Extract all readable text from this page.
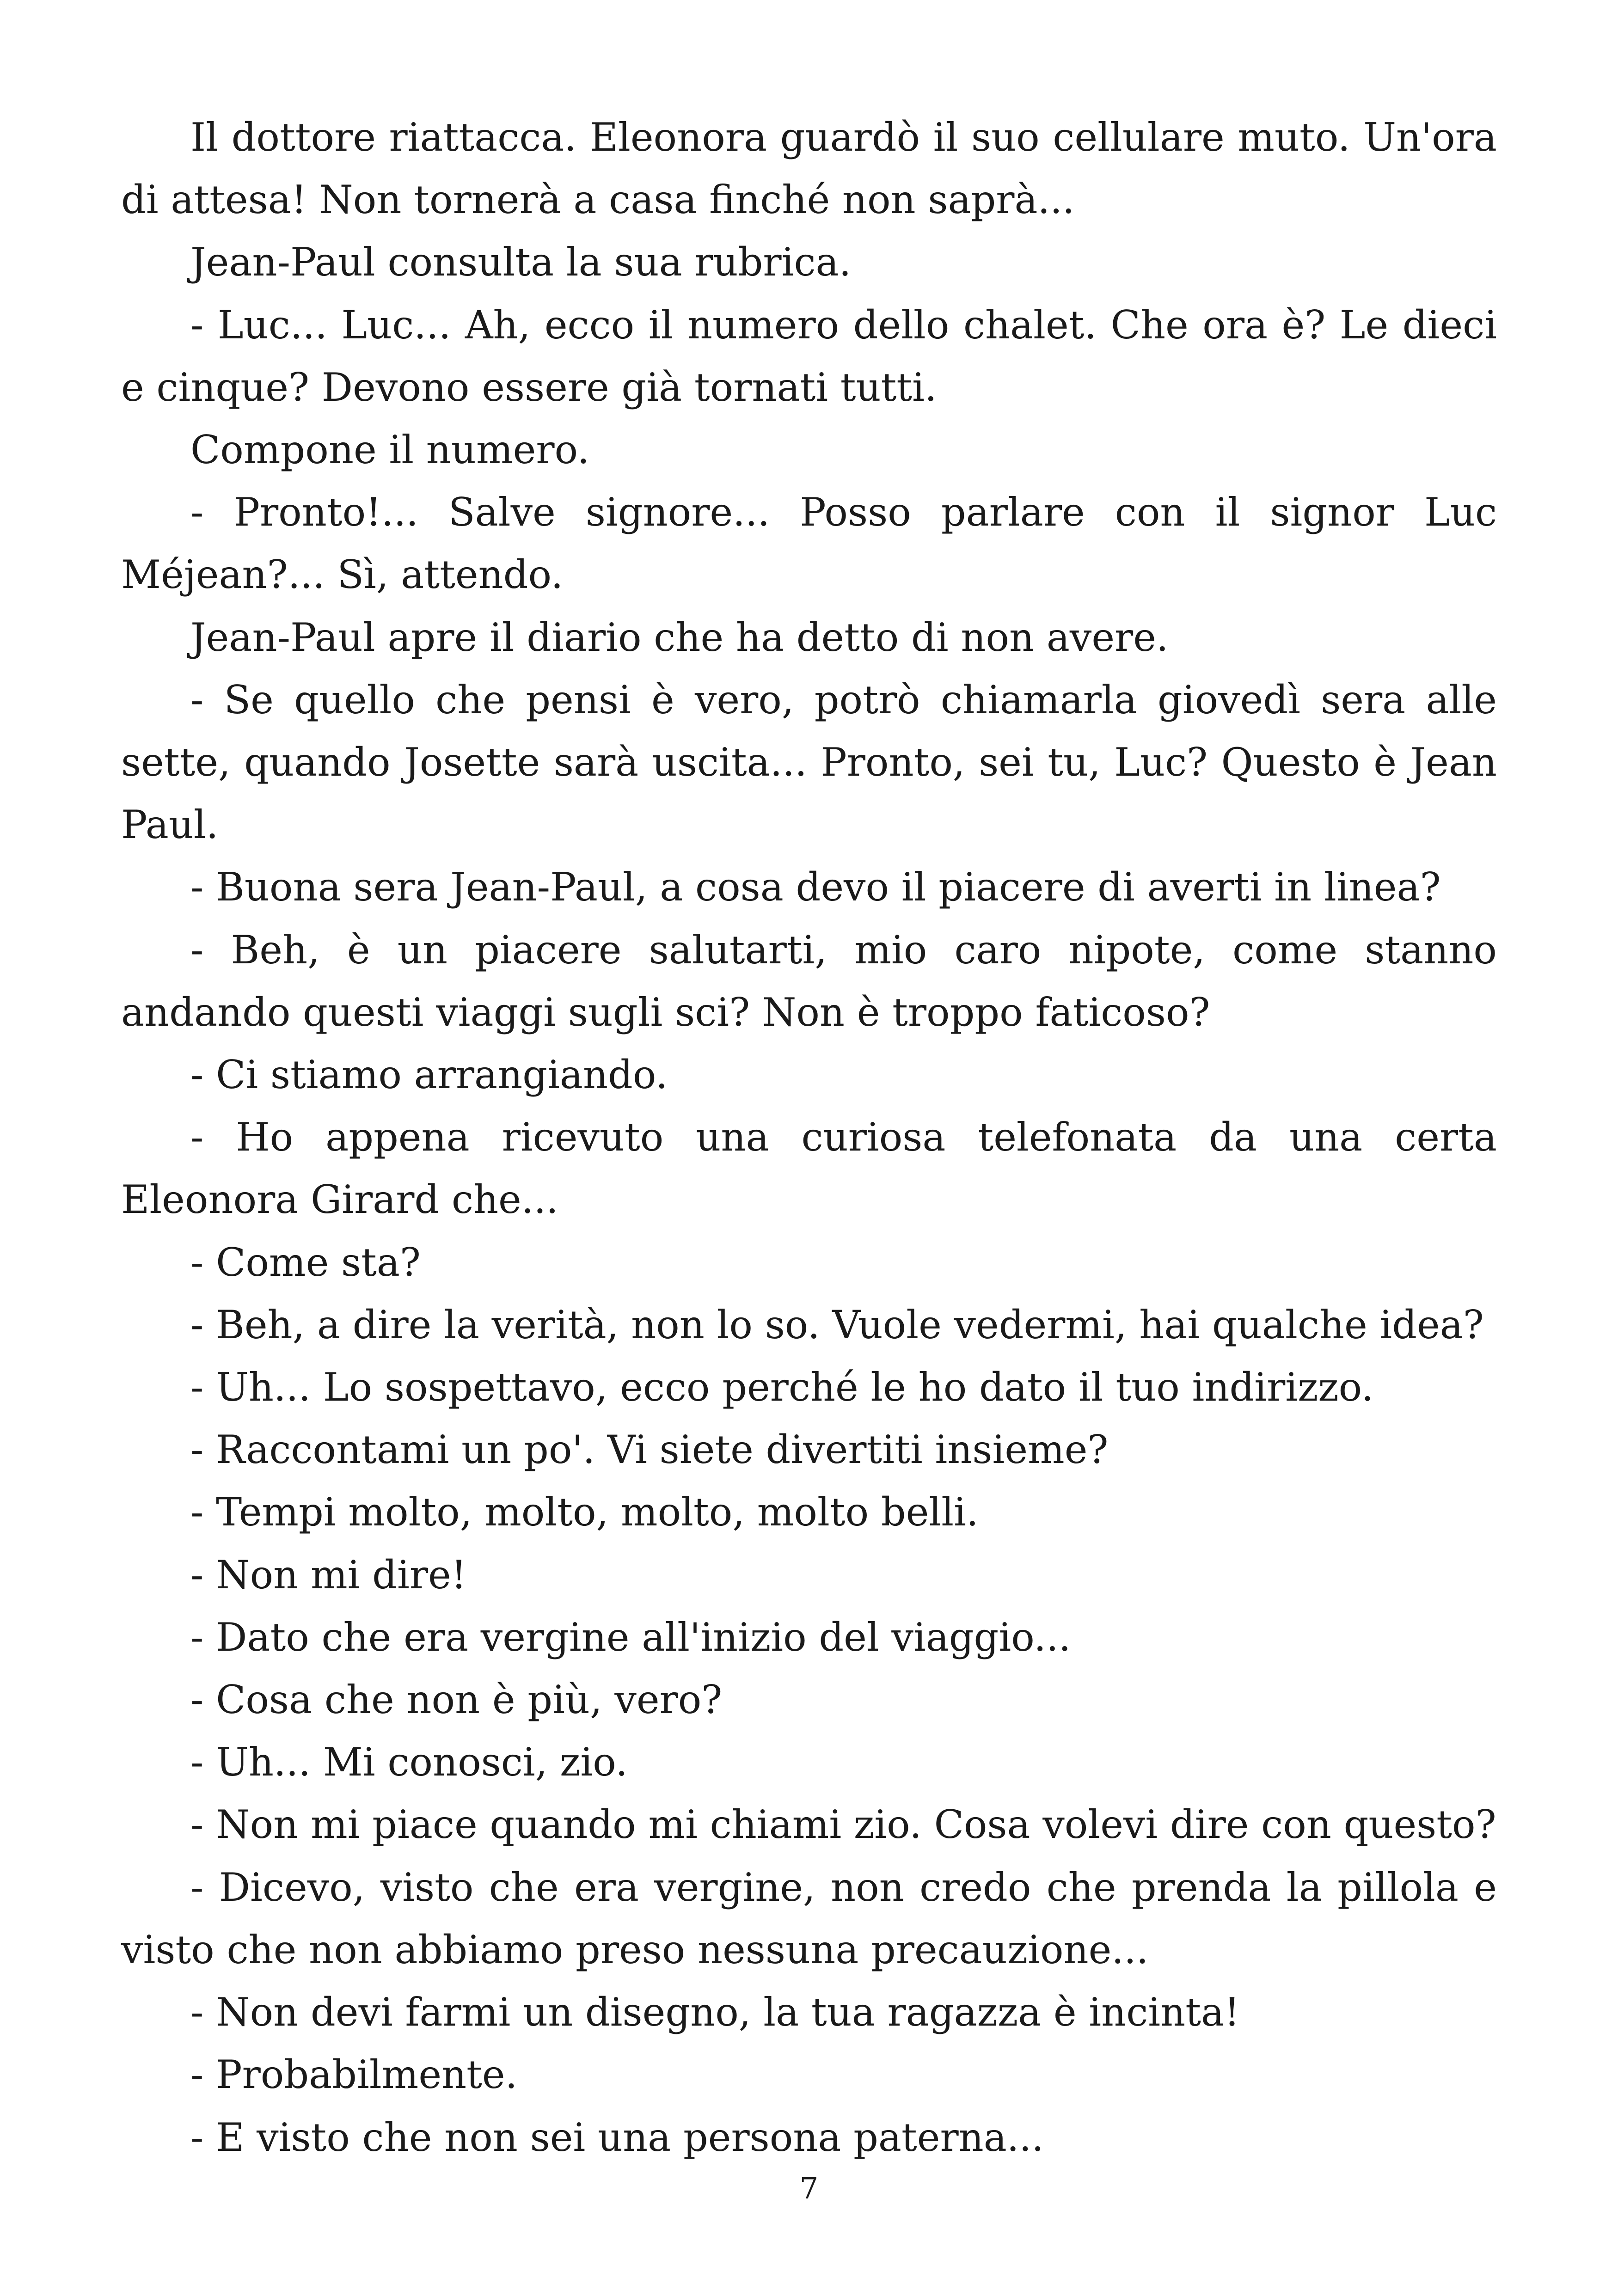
Il dottore riattacca. Eleonora guardò il suo cellulare muto. Un'ora di attesa! Non tornerà a casa finché non saprà...

Jean-Paul consulta la sua rubrica.

- Luc... Luc... Ah, ecco il numero dello chalet. Che ora è? Le dieci e cinque? Devono essere già tornati tutti.

Compone il numero.

- Pronto!... Salve signore... Posso parlare con il signor Luc Méjean?... Sì, attendo.

Jean-Paul apre il diario che ha detto di non avere.

- Se quello che pensi è vero, potrò chiamarla giovedì sera alle sette, quando Josette sarà uscita... Pronto, sei tu, Luc? Questo è Jean Paul.

- Buona sera Jean-Paul, a cosa devo il piacere di averti in linea?

- Beh, è un piacere salutarti, mio caro nipote, come stanno andando questi viaggi sugli sci? Non è troppo faticoso?

- Ci stiamo arrangiando.

- Ho appena ricevuto una curiosa telefonata da una certa Eleonora Girard che...

- Come sta?

- Beh, a dire la verità, non lo so. Vuole vedermi, hai qualche idea?

- Uh... Lo sospettavo, ecco perché le ho dato il tuo indirizzo.

- Raccontami un po'. Vi siete divertiti insieme?

- Tempi molto, molto, molto, molto belli.

- Non mi dire!

- Dato che era vergine all'inizio del viaggio...

- Cosa che non è più, vero?

- Uh... Mi conosci, zio.

- Non mi piace quando mi chiami zio. Cosa volevi dire con questo?

- Dicevo, visto che era vergine, non credo che prenda la pillola e visto che non abbiamo preso nessuna precauzione...

- Non devi farmi un disegno, la tua ragazza è incinta!

- Probabilmente.

- E visto che non sei una persona paterna...

7
